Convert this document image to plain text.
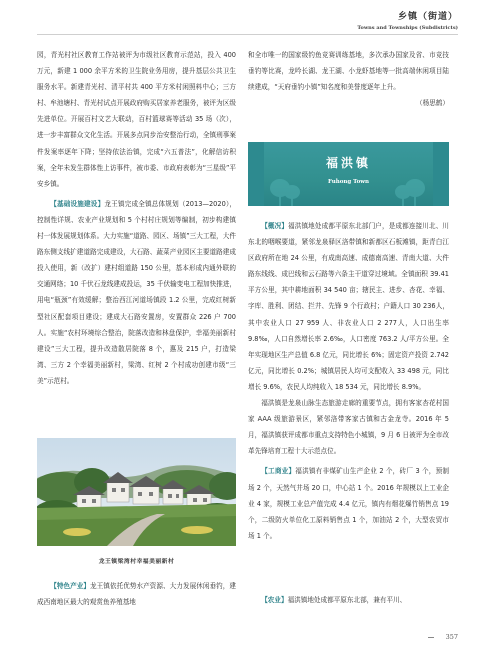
乡镇（街道）
Towns and Townships (Subdistricts)

园，青光村社区教育工作站被评为市级社区教育示范站，投入 400 万元，新建 1 000 余平方米的卫生院业务用房，提升基层公共卫生服务水平。新建青光村、清平村共 400 平方米村闲照料中心；三方村、牟池塘村、青光村试点开展政府购买居家养老服务，被评为区级先进单位。开展百村文艺大联动，百村篮球赛等活动 35 场（次），进一步丰富群众文化生活。开展多点同步治安整治行动，全镇刑事案件发案率逐年下降；坚持依法治镇，完成“六五普法”，化解信访积案，全年未发生群体性上访事件，被市委、市政府表彰为“三星级”平安乡镇。

【基础设施建设】龙王镇完成全镇总体规划（2013—2020），控制性详规、农业产业规划和 5 个村村庄规划等编制，初步构建镇村一体发展规划体系。大力实施“道路、园区、场镇”三大工程，大件路东侧支线扩建道路完成建设，大石路、蔬菜产业园区主要道路建成投入使用，新（改扩）建村组道路 150 公里，基本形成内通外联的交通网络；10 千伏石龙线建成投运，35 千伏输变电工程加快推进，用电“瓶颈”有效缓解；整治西江河道场镇段 1.2 公里，完成红树新型社区配套项目建设；建成大石路安置房，安置群众 226 户 700 人。实施“农村环境综合整治，院落改造和林盘保护，幸福美丽新村建设”三大工程，提升改造散居院落 8 个，惠及 215 户，打造梁湾、三方 2 个幸福美丽新村，梁湾、红树 2 个村成功创建市级“三美”示范村。

龙王镇梁湾村幸福美丽新村

【特色产业】龙王镇依托优势水产资源、大力发展休闲垂钓，建成西南地区最大的观赏鱼养殖基地

和全市唯一的国家级钓鱼竞赛训练基地，多次承办国家及省、市竞技垂钓等比赛，龙吟长湖、龙王湖、小龙虾基地等一批高端休闲项目陆续建成，“天府垂钓小镇”知名度和美誉度逐年上升。

（杨思鹤）
福洪镇
Fuhong Town

【概况】福洪镇地处成都平原东北部门户，是成都连接川北、川东北的咽喉要道，紧邻龙泉驿区洛带镇和新都区石板滩镇，距青白江区政府所在地 24 公里，有成南高速、成德南高速、青南大道、大件路东线线、成巴线和云石路等六条主干道穿过境域。全镇面积 39.41 平方公里，其中耕地面积 34 540 亩；辖民主、进步、杏花、幸福、字库、胜利、团结、拦井、先锋 9 个行政村；户籍人口 30 236人，其中农业人口 27 959 人、非农业人口 2 277人，人口出生率 9.8‰，人口自然增长率 2.6‰，人口密度 763.2 人/平方公里。全年实现地区生产总值 6.8 亿元，同比增长 6%；固定资产投资 2.742 亿元，同比增长 0.2%；城镇居民人均可支配收入 33 498 元，同比增长 9.6%，农民人均纯收入 18 534 元，同比增长 8.9%。

福洪镇是龙泉山脉生态旅游走廊的重要节点，拥有客家杏花村国家 AAA 级旅游景区，紧邻洛带客家古镇和古金龙寺。2016 年 5 月，福洪镇获评成都市重点支持特色小城镇，9 月 6 日被评为全市改革先锋培育工程十大示范点位。

【工商业】福洪镇有非煤矿山生产企业 2 个，砖厂 3 个，预制场 2 个，天然气井场 20 口，中心站 1 个。2016 年规模以上工业企业 4 家，规模工业总产值完成 4.4 亿元，镇内有烟花爆竹销售点 19 个，二级防火单位化工原料销售点 1 个，加油站 2 个，大型农贸市场 1 个。

【农业】福洪镇地处成都平原东北部，兼有平川、

357
